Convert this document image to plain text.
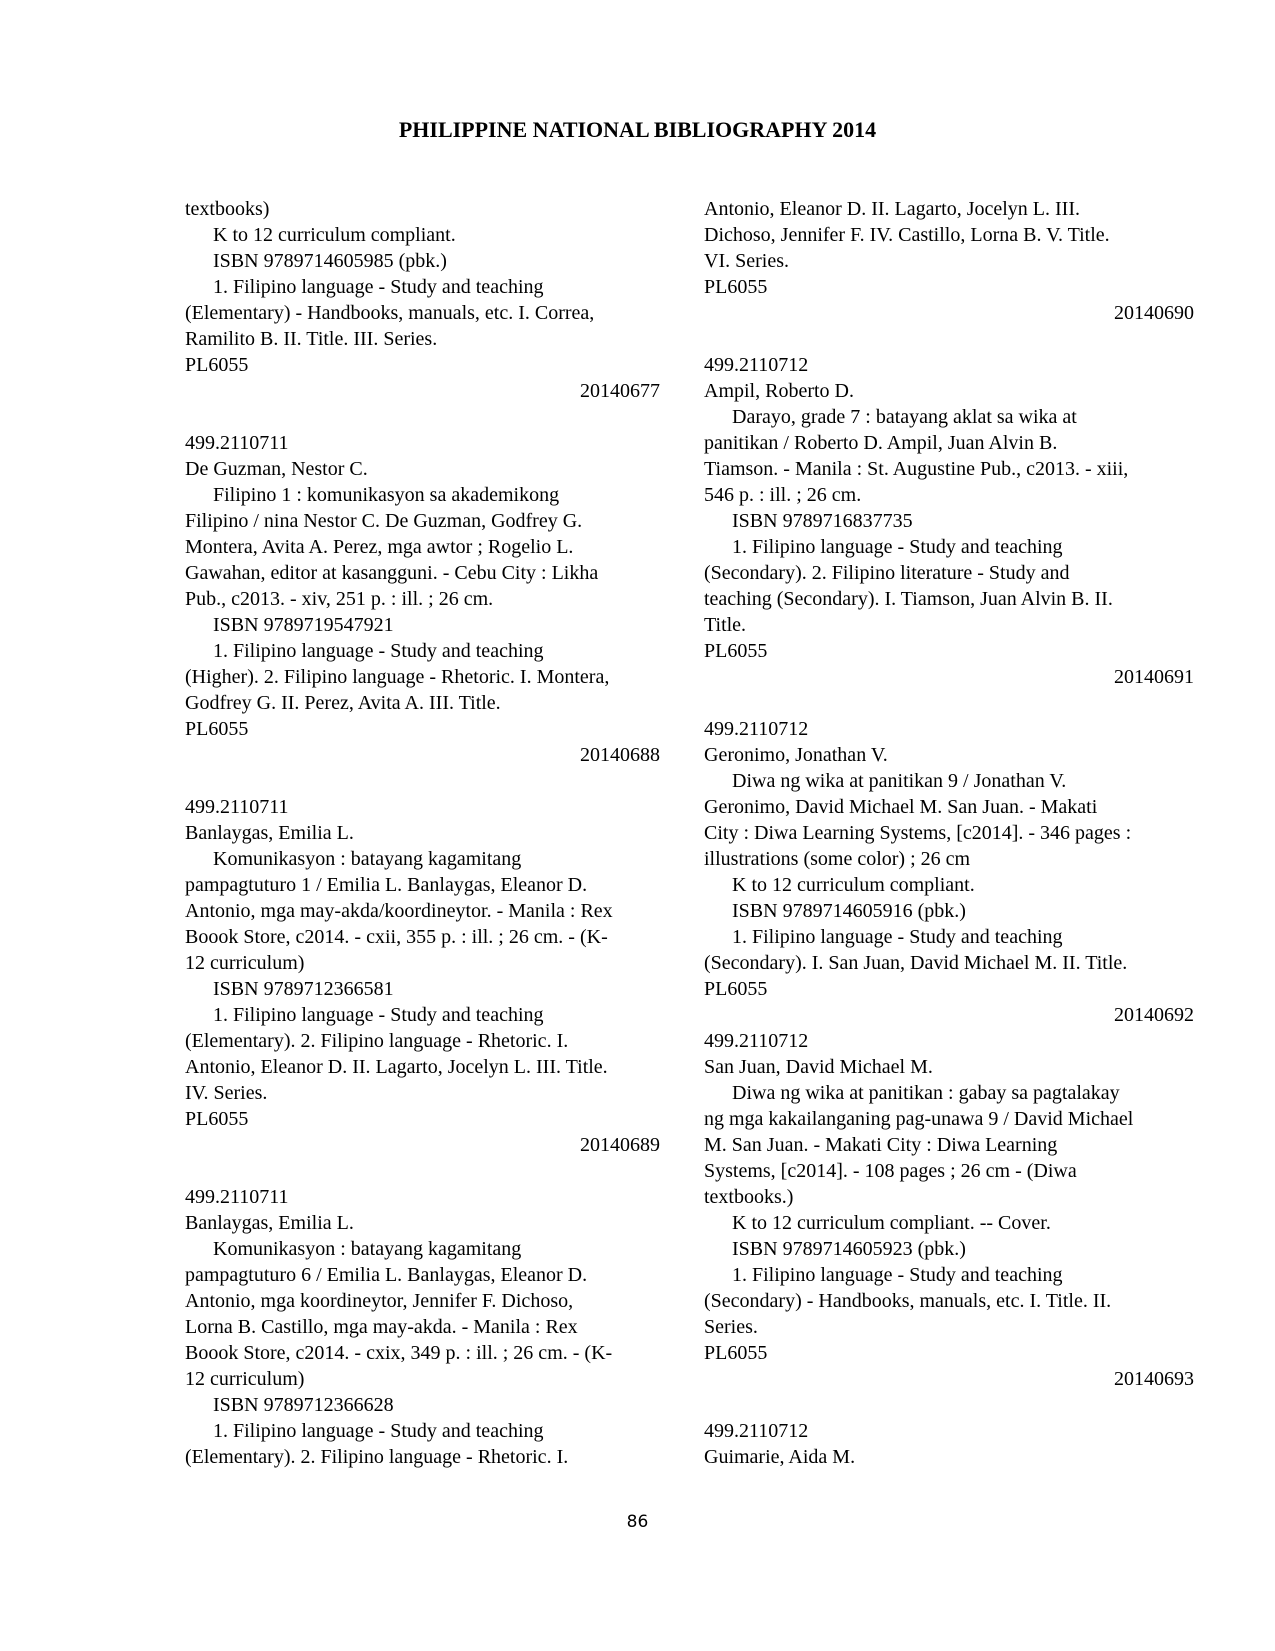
PHILIPPINE NATIONAL BIBLIOGRAPHY 2014
textbooks)
K to 12 curriculum compliant.
ISBN 9789714605985 (pbk.)
1. Filipino language - Study and teaching
(Elementary) - Handbooks, manuals, etc. I. Correa,
Ramilito B. II. Title. III. Series.
PL6055
20140677
499.2110711
De Guzman, Nestor C.
Filipino 1 : komunikasyon sa akademikong
Filipino / nina Nestor C. De Guzman, Godfrey G.
Montera, Avita A. Perez, mga awtor ; Rogelio L.
Gawahan, editor at kasangguni. - Cebu City : Likha
Pub., c2013. - xiv, 251 p. : ill. ; 26 cm.
ISBN 9789719547921
1. Filipino language - Study and teaching
(Higher). 2. Filipino language - Rhetoric. I. Montera,
Godfrey G. II. Perez, Avita A. III. Title.
PL6055
20140688
499.2110711
Banlaygas, Emilia L.
Komunikasyon : batayang kagamitang
pampagtuturo 1 / Emilia L. Banlaygas, Eleanor D.
Antonio, mga may-akda/koordineytor. - Manila : Rex
Boook Store, c2014. - cxii, 355 p. : ill. ; 26 cm. - (K-
12 curriculum)
ISBN 9789712366581
1. Filipino language - Study and teaching
(Elementary). 2. Filipino language - Rhetoric. I.
Antonio, Eleanor D. II. Lagarto, Jocelyn L. III. Title.
IV. Series.
PL6055
20140689
499.2110711
Banlaygas, Emilia L.
Komunikasyon : batayang kagamitang
pampagtuturo 6 / Emilia L. Banlaygas, Eleanor D.
Antonio, mga koordineytor, Jennifer F. Dichoso,
Lorna B. Castillo, mga may-akda. - Manila : Rex
Boook Store, c2014. - cxix, 349 p. : ill. ; 26 cm. - (K-
12 curriculum)
ISBN 9789712366628
1. Filipino language - Study and teaching
(Elementary). 2. Filipino language - Rhetoric. I.
Antonio, Eleanor D. II. Lagarto, Jocelyn L. III.
Dichoso, Jennifer F. IV. Castillo, Lorna B. V. Title.
VI. Series.
PL6055
20140690
499.2110712
Ampil, Roberto D.
Darayo, grade 7 : batayang aklat sa wika at
panitikan / Roberto D. Ampil, Juan Alvin B.
Tiamson. - Manila : St. Augustine Pub., c2013. - xiii,
546 p. : ill. ; 26 cm.
ISBN 9789716837735
1. Filipino language - Study and teaching
(Secondary). 2. Filipino literature - Study and
teaching (Secondary). I. Tiamson, Juan Alvin B. II.
Title.
PL6055
20140691
499.2110712
Geronimo, Jonathan V.
Diwa ng wika at panitikan 9 / Jonathan V.
Geronimo, David Michael M. San Juan. - Makati
City : Diwa Learning Systems, [c2014]. - 346 pages :
illustrations (some color) ; 26 cm
K to 12 curriculum compliant.
ISBN 9789714605916 (pbk.)
1. Filipino language - Study and teaching
(Secondary). I. San Juan, David Michael M. II. Title.
PL6055
20140692
499.2110712
San Juan, David Michael M.
Diwa ng wika at panitikan : gabay sa pagtalakay
ng mga kakailanganing pag-unawa 9 / David Michael
M. San Juan. - Makati City : Diwa Learning
Systems, [c2014]. - 108 pages ; 26 cm - (Diwa
textbooks.)
K to 12 curriculum compliant. -- Cover.
ISBN 9789714605923 (pbk.)
1. Filipino language - Study and teaching
(Secondary) - Handbooks, manuals, etc. I. Title. II.
Series.
PL6055
20140693
499.2110712
Guimarie, Aida M.
86
